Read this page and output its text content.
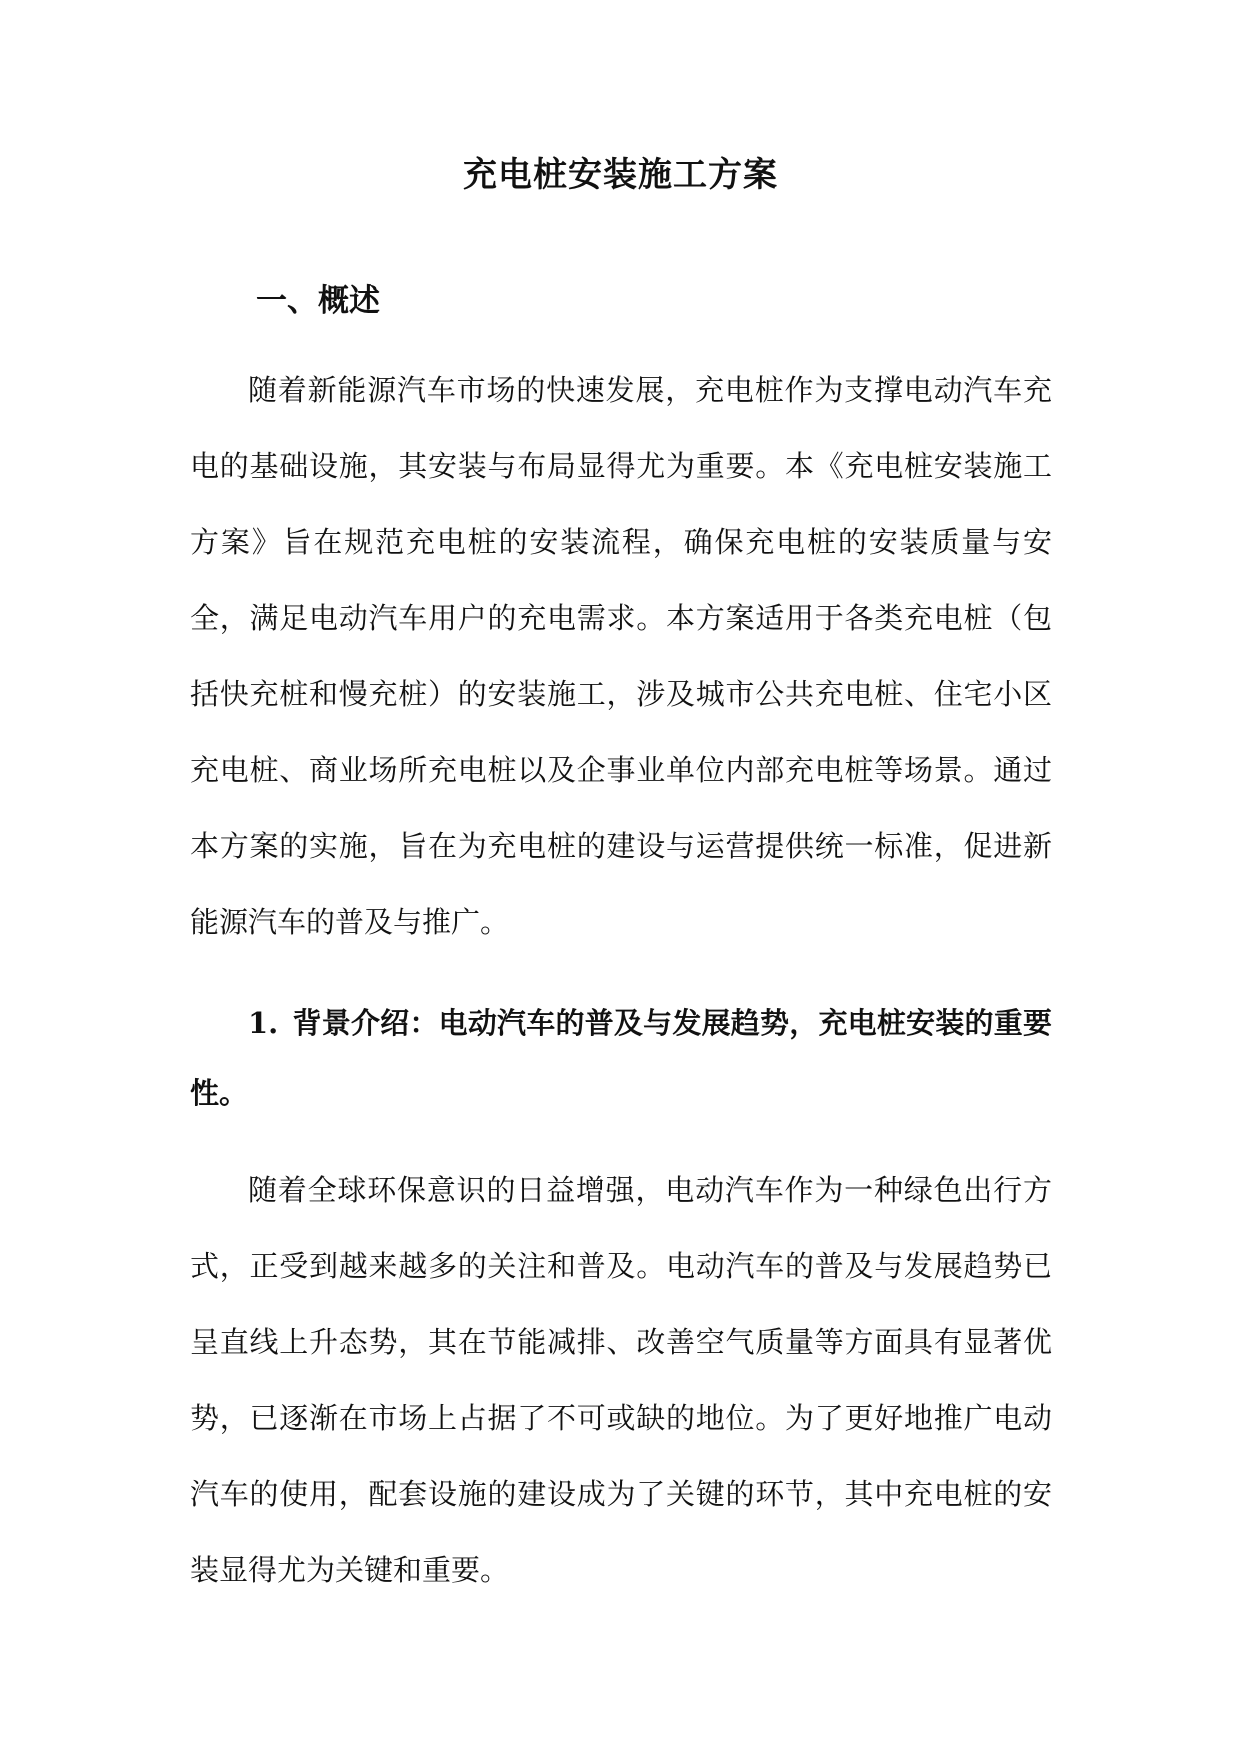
充电桩安装施工方案
一、概述

随着新能源汽车市场的快速发展，充电桩作为支撑电动汽车充电的基础设施，其安装与布局显得尤为重要。本《充电桩安装施工方案》旨在规范充电桩的安装流程，确保充电桩的安装质量与安全，满足电动汽车用户的充电需求。本方案适用于各类充电桩（包括快充桩和慢充桩）的安装施工，涉及城市公共充电桩、住宅小区充电桩、商业场所充电桩以及企事业单位内部充电桩等场景。通过本方案的实施，旨在为充电桩的建设与运营提供统一标准，促进新能源汽车的普及与推广。

1. 背景介绍：电动汽车的普及与发展趋势，充电桩安装的重要性。

随着全球环保意识的日益增强，电动汽车作为一种绿色出行方式，正受到越来越多的关注和普及。电动汽车的普及与发展趋势已呈直线上升态势，其在节能减排、改善空气质量等方面具有显著优势，已逐渐在市场上占据了不可或缺的地位。为了更好地推广电动汽车的使用，配套设施的建设成为了关键的环节，其中充电桩的安装显得尤为关键和重要。
